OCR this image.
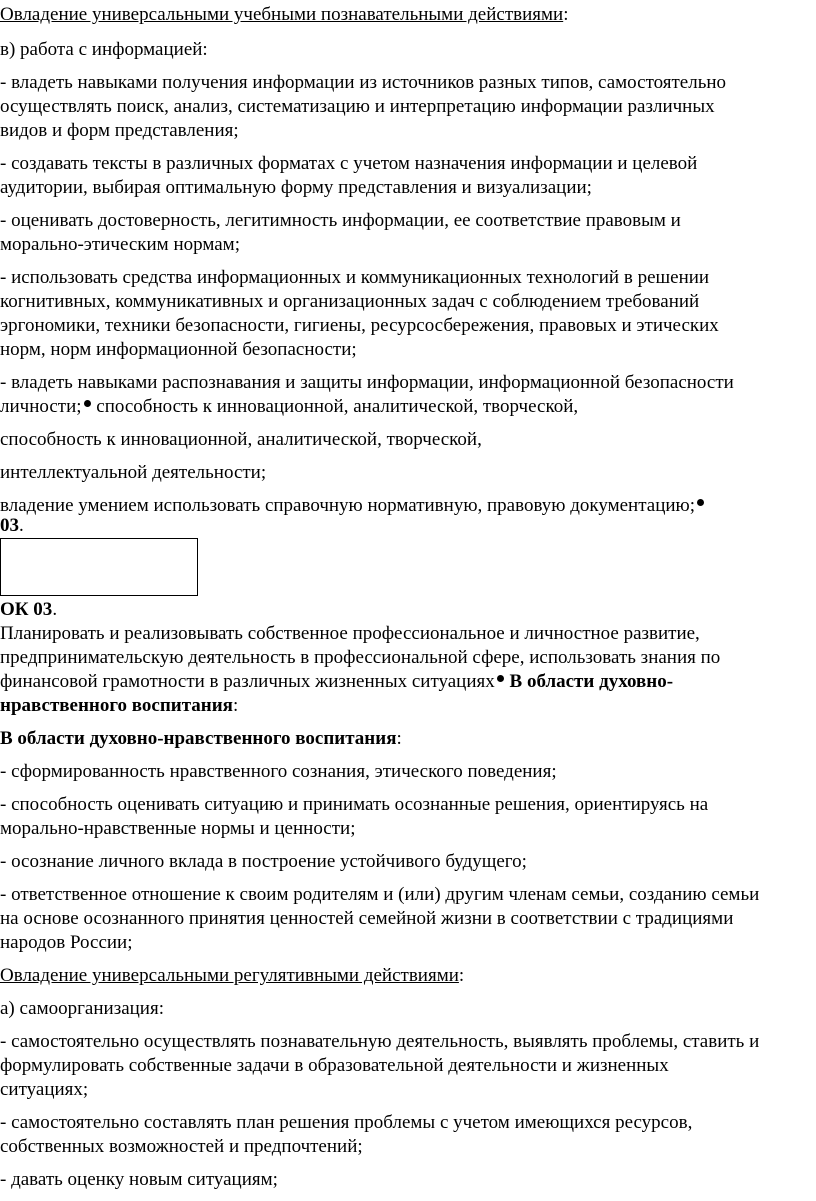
Овладение универсальными учебными познавательными действиями:
в) работа с информацией:
- владеть навыками получения информации из источников разных типов, самостоятельно
осуществлять поиск, анализ, систематизацию и интерпретацию информации различных
видов и форм представления;
- создавать тексты в различных форматах с учетом назначения информации и целевой
аудитории, выбирая оптимальную форму представления и визуализации;
- оценивать достоверность, легитимность информации, ее соответствие правовым и
морально-этическим нормам;
- использовать средства информационных и коммуникационных технологий в решении
когнитивных, коммуникативных и организационных задач с соблюдением требований
эргономики, техники безопасности, гигиены, ресурсосбережения, правовых и этических
норм, норм информационной безопасности;
- владеть навыками распознавания и защиты информации, информационной безопасности
личности; способность к инновационной, аналитической, творческой,
способность к инновационной, аналитической, творческой,
интеллектуальной деятельности;
владение умением использовать справочную нормативную, правовую документацию;
03.
ОК 03.
Планировать и реализовывать собственное профессиональное и личностное развитие,
предпринимательскую деятельность в профессиональной сфере, использовать знания по
финансовой грамотности в различных жизненных ситуациях В области духовно-
нравственного воспитания:
В области духовно-нравственного воспитания:
- сформированность нравственного сознания, этического поведения;
- способность оценивать ситуацию и принимать осознанные решения, ориентируясь на
морально-нравственные нормы и ценности;
- осознание личного вклада в построение устойчивого будущего;
- ответственное отношение к своим родителям и (или) другим членам семьи, созданию семьи
на основе осознанного принятия ценностей семейной жизни в соответствии с традициями
народов России;
Овладение универсальными регулятивными действиями:
а) самоорганизация:
- самостоятельно осуществлять познавательную деятельность, выявлять проблемы, ставить и
формулировать собственные задачи в образовательной деятельности и жизненных
ситуациях;
- самостоятельно составлять план решения проблемы с учетом имеющихся ресурсов,
собственных возможностей и предпочтений;
- давать оценку новым ситуациям;
